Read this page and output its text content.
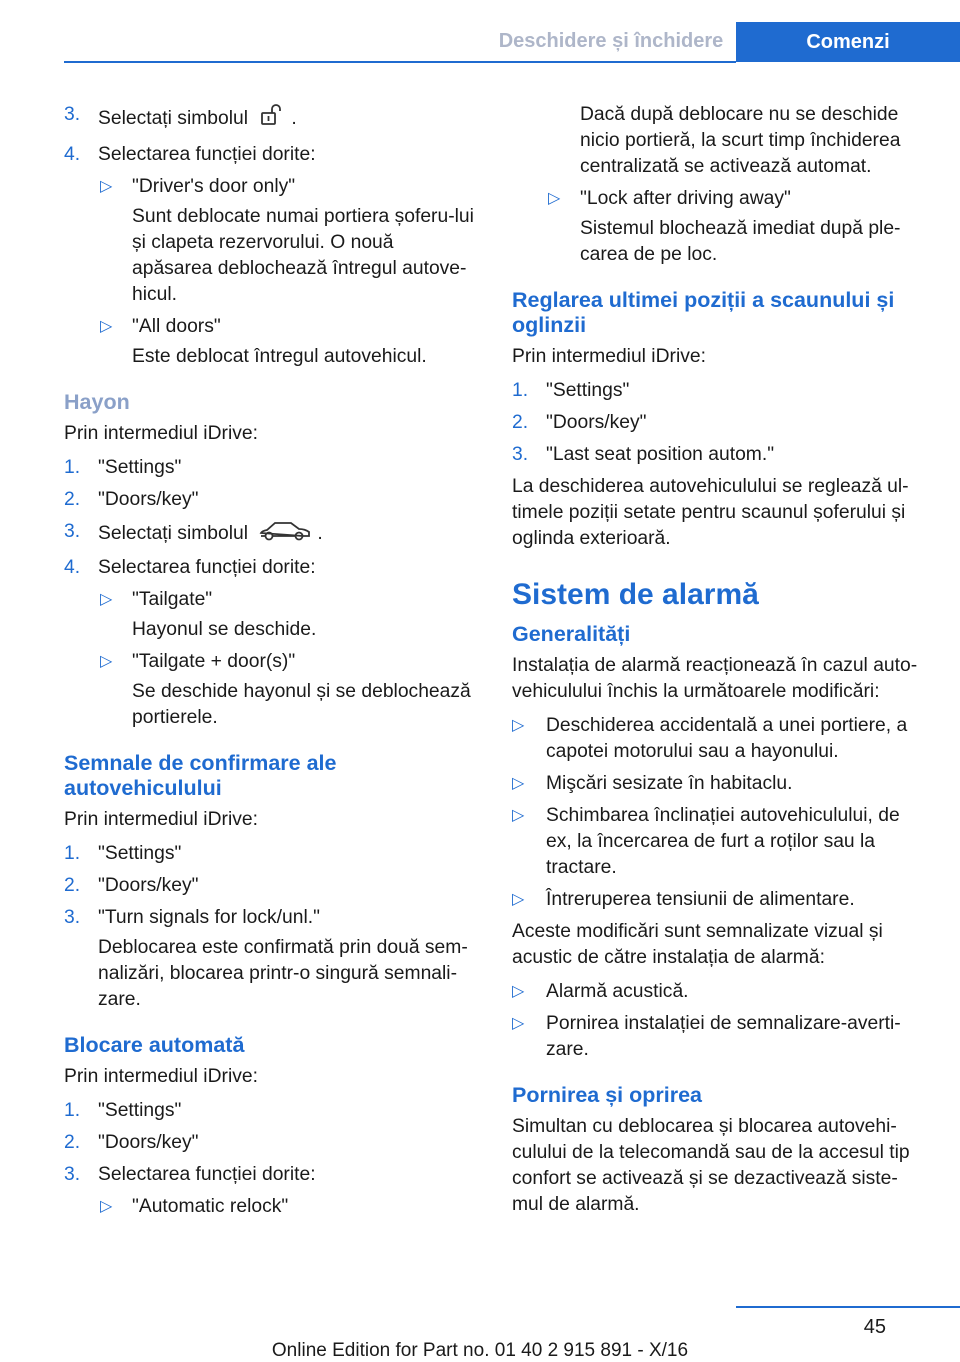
Deschidere și închidere	Comenzi
3. Selectați simbolul .
4. Selectarea funcției dorite:
▷ "Driver's door only"
Sunt deblocate numai portiera șoferu-lui și clapeta rezervorului. O nouă apăsarea deblochează întregul autove-hicul.
▷ "All doors"
Este deblocat întregul autovehicul.
Hayon

Prin intermediul iDrive:

1. "Settings"
2. "Doors/key"
3. Selectați simbolul	.
4. Selectarea funcției dorite:
▷ "Tailgate"
Hayonul se deschide.
▷ "Tailgate + door(s)"
Se deschide hayonul și se deblochează portierele.
Semnale de confirmare ale autovehiculului

Prin intermediul iDrive:

1. "Settings"
2. "Doors/key"
3. "Turn signals for lock/unl."
Deblocarea este confirmată prin două sem-nalizări, blocarea printr-o singură semnali-zare.
Blocare automată

Prin intermediul iDrive:

1. "Settings"
2. "Doors/key"
3. Selectarea funcției dorite:
▷ "Automatic relock"
Dacă după deblocare nu se deschide nicio portieră, la scurt timp închiderea centralizată se activează automat.
▷ "Lock after driving away"
Sistemul blochează imediat după ple-carea de pe loc.
Reglarea ultimei poziții a scaunului și oglinzii

Prin intermediul iDrive:

1. "Settings"
2. "Doors/key"
3. "Last seat position autom."

La deschiderea autovehiculului se reglează ul-timele poziții setate pentru scaunul șoferului și oglinda exterioară.

Sistem de alarmă
Generalități

Instalația de alarmă reacționează în cazul auto-vehiculului închis la următoarele modificări:

▷ Deschiderea accidentală a unei portiere, a capotei motorului sau a hayonului.
▷ Mişcări sesizate în habitaclu.
▷ Schimbarea înclinației autovehiculului, de ex, la încercarea de furt a roților sau la tractare.
▷ Întreruperea tensiunii de alimentare.

Aceste modificări sunt semnalizate vizual și acustic de către instalația de alarmă:

▷ Alarmă acustică.
▷ Pornirea instalației de semnalizare-averti-zare.
Pornirea și oprirea

Simultan cu deblocarea și blocarea autovehi-culului de la telecomandă sau de la accesul tip confort se activează și se dezactivează siste-mul de alarmă.

45
Online Edition for Part no. 01 40 2 915 891 - X/16
